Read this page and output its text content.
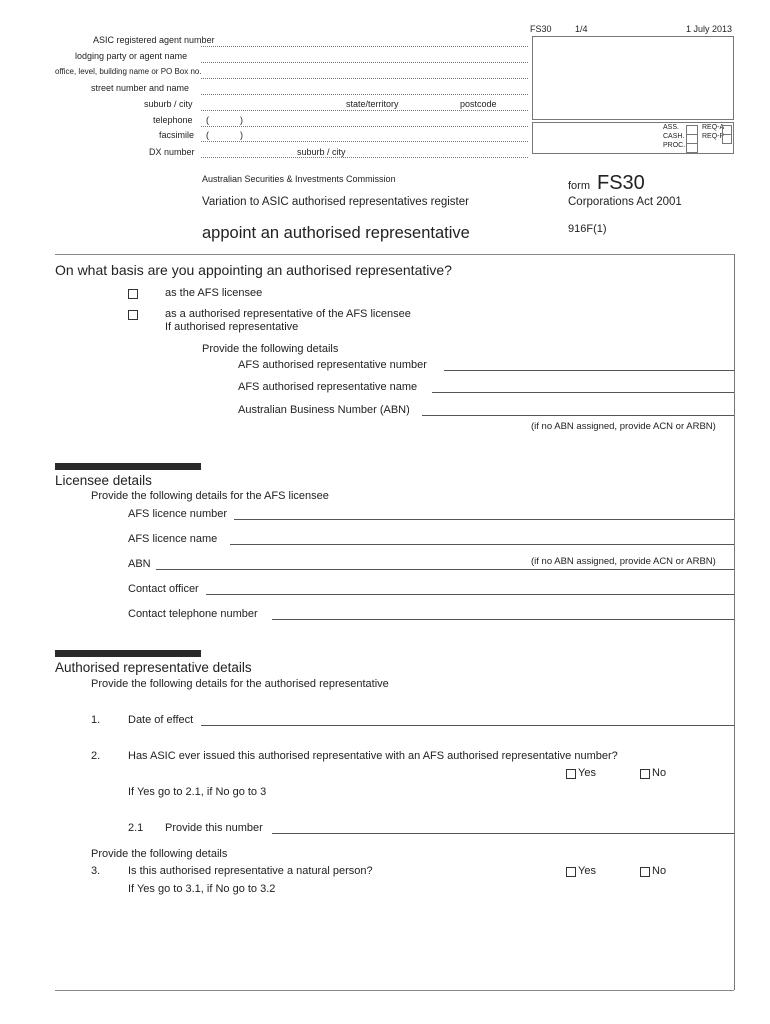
FS30	1/4	1 July 2013
ASIC registered agent number
lodging party or agent name
office, level, building name or PO Box no.
street number and name
suburb / city	state/territory	postcode
telephone (	)
facsimile (	)
DX number	suburb / city
ASS.
CASH.
PROC.
REQ-A
REQ-P
Australian Securities & Investments Commission
Variation to ASIC authorised representatives register
appoint an authorised representative
form FS30
Corporations Act 2001
916F(1)
On what basis are you appointing an authorised representative?
as the AFS licensee
as a authorised representative of the AFS licensee
If authorised representative
Provide the following details
AFS authorised representative number
AFS authorised representative name
Australian Business Number (ABN)
(if no ABN assigned, provide ACN or ARBN)
Licensee details
Provide the following details for the AFS licensee
AFS licence number
AFS licence name
ABN	(if no ABN assigned, provide ACN or ARBN)
Contact officer
Contact telephone number
Authorised representative details
Provide the following details for the authorised representative
1.	Date of effect
2.	Has ASIC ever issued this authorised representative with an AFS authorised representative number?
Yes	No
If Yes go to 2.1, if No go to 3
2.1 Provide this number
Provide the following details
3.	Is this authorised representative a natural person?	Yes	No
If Yes go to 3.1, if No go to 3.2
